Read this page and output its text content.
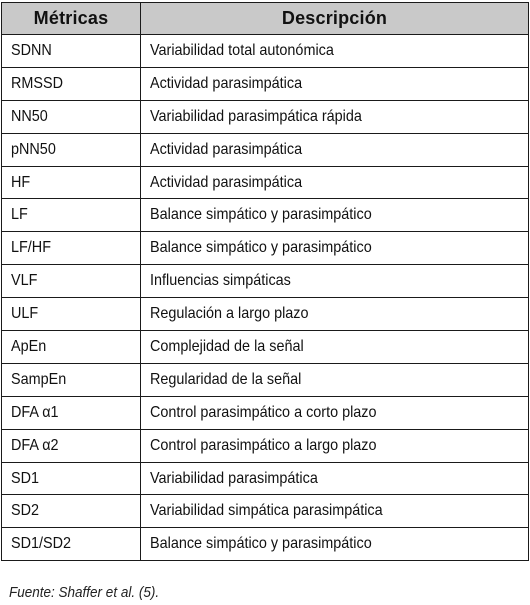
Métricas	Descripción
SDNN	Variabilidad total autonómica
RMSSD	Actividad parasimpática
NN50	Variabilidad parasimpática rápida
pNN50	Actividad parasimpática
HF	Actividad parasimpática
LF	Balance simpático y parasimpático
LF/HF	Balance simpático y parasimpático
VLF	Influencias simpáticas
ULF	Regulación a largo plazo
ApEn	Complejidad de la señal
SampEn	Regularidad de la señal
DFA α1	Control parasimpático a corto plazo
DFA α2	Control parasimpático a largo plazo
SD1	Variabilidad parasimpática
SD2	Variabilidad simpática parasimpática
SD1/SD2	Balance simpático y parasimpático
Fuente: Shaffer et al. (5).
